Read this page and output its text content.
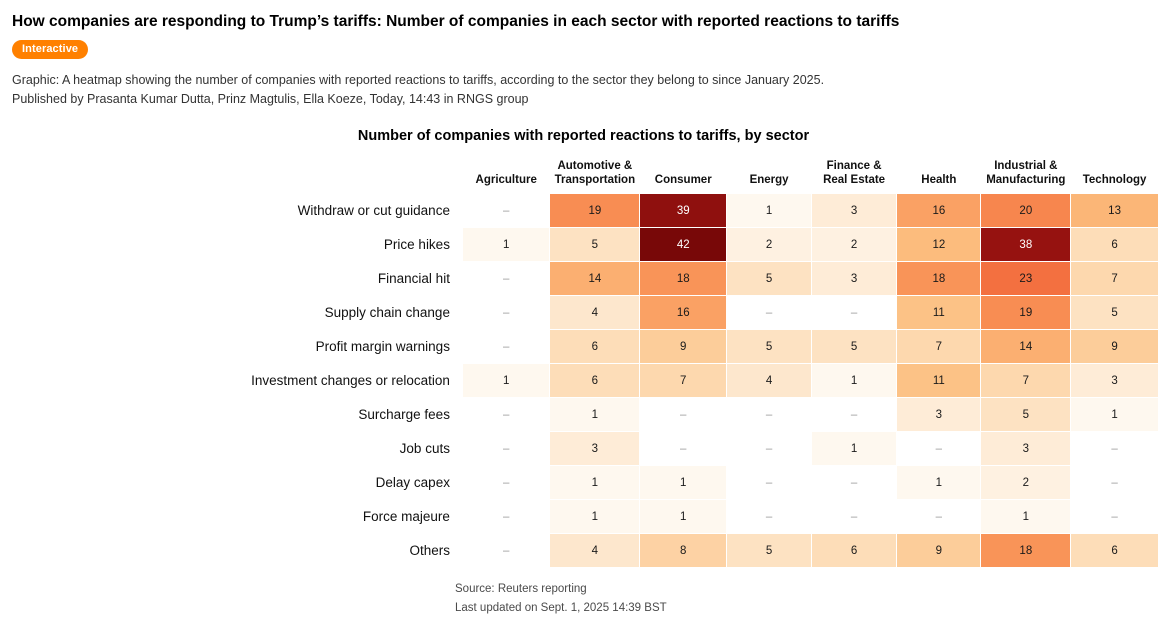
How companies are responding to Trump’s tariffs: Number of companies in each sector with reported reactions to tariffs
Interactive
Graphic: A heatmap showing the number of companies with reported reactions to tariffs, according to the sector they belong to since January 2025.
Published by Prasanta Kumar Dutta, Prinz Magtulis, Ella Koeze, Today, 14:43 in RNGS group
Number of companies with reported reactions to tariffs, by sector
	Agriculture	Automotive &
Transportation	Consumer	Energy	Finance &
Real Estate	Health	Industrial &
Manufacturing	Technology
Withdraw or cut guidance	–	19	39	1	3	16	20	13
Price hikes	1	5	42	2	2	12	38	6
Financial hit	–	14	18	5	3	18	23	7
Supply chain change	–	4	16	–	–	11	19	5
Profit margin warnings	–	6	9	5	5	7	14	9
Investment changes or relocation	1	6	7	4	1	11	7	3
Surcharge fees	–	1	–	–	–	3	5	1
Job cuts	–	3	–	–	1	–	3	–
Delay capex	–	1	1	–	–	1	2	–
Force majeure	–	1	1	–	–	–	1	–
Others	–	4	8	5	6	9	18	6
Source: Reuters reporting
Last updated on Sept. 1, 2025 14:39 BST
